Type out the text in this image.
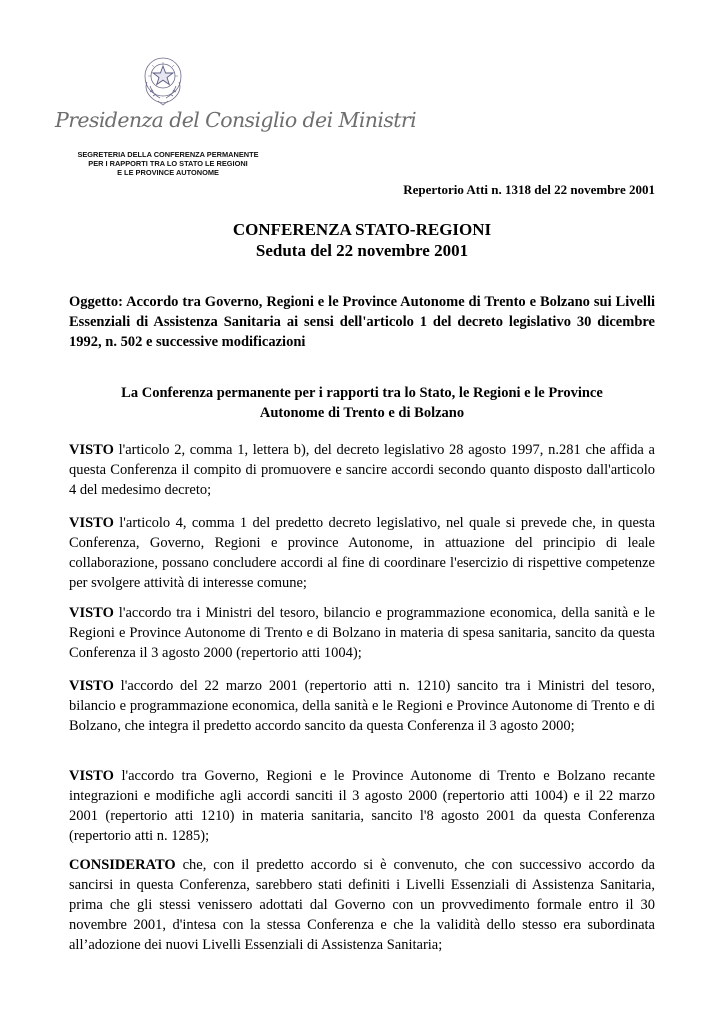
Presidenza del Consiglio dei Ministri
SEGRETERIA DELLA CONFERENZA PERMANENTE
PER I RAPPORTI TRA LO STATO LE REGIONI
E LE PROVINCE AUTONOME
Repertorio Atti n. 1318 del 22 novembre 2001
CONFERENZA STATO-REGIONI
Seduta del 22 novembre 2001
Oggetto: Accordo tra Governo, Regioni e le Province Autonome di Trento e Bolzano sui Livelli Essenziali di Assistenza Sanitaria ai sensi dell'articolo 1 del decreto legislativo 30 dicembre 1992, n. 502 e successive modificazioni
La Conferenza permanente per i rapporti tra lo Stato, le Regioni e le Province
Autonome di Trento e di Bolzano
VISTO l'articolo 2, comma 1, lettera b), del decreto legislativo 28 agosto 1997, n.281 che affida a questa Conferenza il compito di promuovere e sancire accordi secondo quanto disposto dall'articolo 4 del medesimo decreto;
VISTO l'articolo 4, comma 1 del predetto decreto legislativo, nel quale si prevede che, in questa Conferenza, Governo, Regioni e province Autonome, in attuazione del principio di leale collaborazione, possano concludere accordi al fine di coordinare l'esercizio di rispettive competenze per svolgere attività di interesse comune;
VISTO l'accordo tra i Ministri del tesoro, bilancio e programmazione economica, della sanità e le Regioni e Province Autonome di Trento e di Bolzano in materia di spesa sanitaria, sancito da questa Conferenza il 3 agosto 2000 (repertorio atti 1004);
VISTO l'accordo del 22 marzo 2001 (repertorio atti n. 1210) sancito tra i Ministri del tesoro, bilancio e programmazione economica, della sanità e le Regioni e Province Autonome di Trento e di Bolzano, che integra il predetto accordo sancito da questa Conferenza il 3 agosto 2000;
VISTO l'accordo tra Governo, Regioni e le Province Autonome di Trento e Bolzano recante integrazioni e modifiche agli accordi sanciti il 3 agosto 2000 (repertorio atti 1004) e il 22 marzo 2001 (repertorio atti 1210) in materia sanitaria, sancito l'8 agosto 2001 da questa Conferenza (repertorio atti n. 1285);
CONSIDERATO che, con il predetto accordo si è convenuto, che con successivo accordo da sancirsi in questa Conferenza, sarebbero stati definiti i Livelli Essenziali di Assistenza Sanitaria, prima che gli stessi venissero adottati dal Governo con un provvedimento formale entro il 30 novembre 2001, d'intesa con la stessa Conferenza e che la validità dello stesso era subordinata all’adozione dei nuovi Livelli Essenziali di Assistenza Sanitaria;
